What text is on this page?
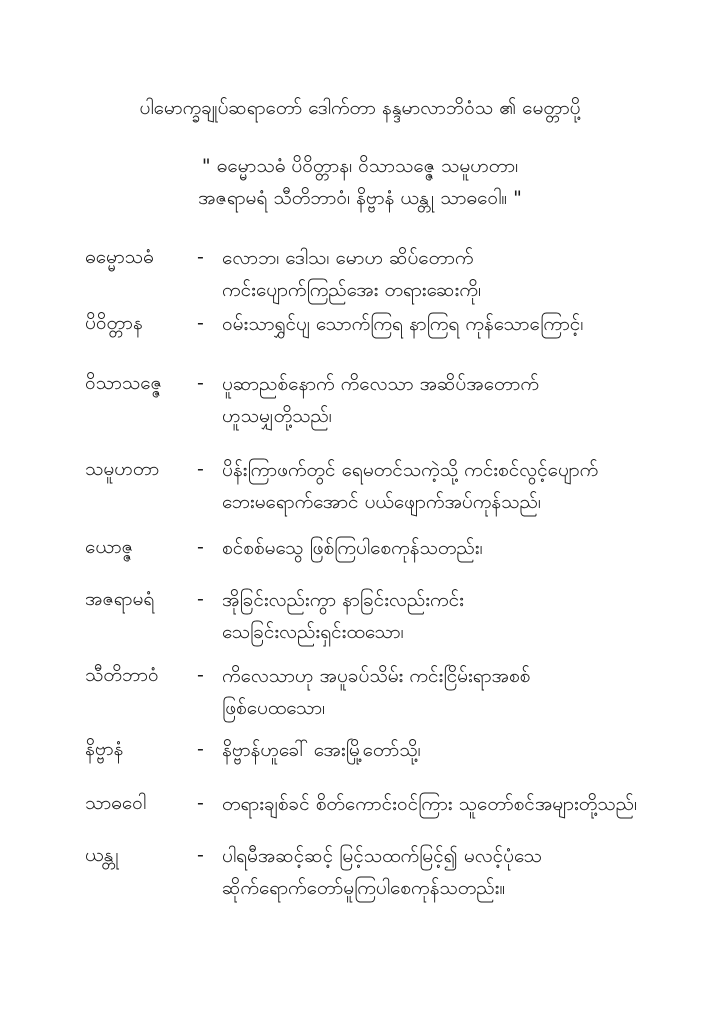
ပါမောက္ခချုပ်ဆရာတော် ဒေါက်တာ နန္ဒမာလာဘိဝံသ ၏ မေတ္တာပို့
" ဓမ္မောသဓံ ပိဝိတ္တာန၊ ဝိသာသဇ္ဇေ သမူဟတာ၊
အဇရာမရံ သီတိဘာဝံ၊ နိဗ္ဗာနံ ယန္တု သာဓဝေါ။ "
ဓမ္မောသဓံ - လောဘ၊ ဒေါသ၊ မောဟ ဆိပ်တောက်
ကင်းပျောက်ကြည်အေး တရားဆေးကို၊
ပိဝိတ္တာန	- ဝမ်းသာရွှင်ပျ သောက်ကြရ နာကြရ ကုန်သောကြောင့်၊
ဝိသာသဇ္ဇေ - ပူဆာညစ်နောက် ကိလေသာ အဆိပ်အတောက်
ဟူသမျှတို့သည်၊
သမူဟတာ - ပိန်းကြာဖက်တွင် ရေမတင်သကဲ့သို့ ကင်းစင်လွင့်ပျောက်
ဘေးမရောက်အောင် ပယ်ဖျောက်အပ်ကုန်သည်၊
ယောဇ္ဇ	- စင်စစ်မသွေ ဖြစ်ကြပါစေကုန်သတည်း၊
အဇရာမရံ - အိုခြင်းလည်းကွာ နာခြင်းလည်းကင်း
သေခြင်းလည်းရှင်းထသော၊
သီတိဘာဝံ - ကိလေသာဟု အပူခပ်သိမ်း ကင်းငြိမ်းရာအစစ်
ဖြစ်ပေထသော၊
နိဗ္ဗာနံ	- နိဗ္ဗာန်ဟူခေါ် အေးမြို့တော်သို့၊
သာဓဝေါ	- တရားချစ်ခင် စိတ်ကောင်းဝင်ကြား သူတော်စင်အများတို့သည်၊
ယန္တု	- ပါရမီအဆင့်ဆင့် မြင့်သထက်မြင့်၍ မလင့်ပုံသေ
ဆိုက်ရောက်တော်မူကြပါစေကုန်သတည်း။
